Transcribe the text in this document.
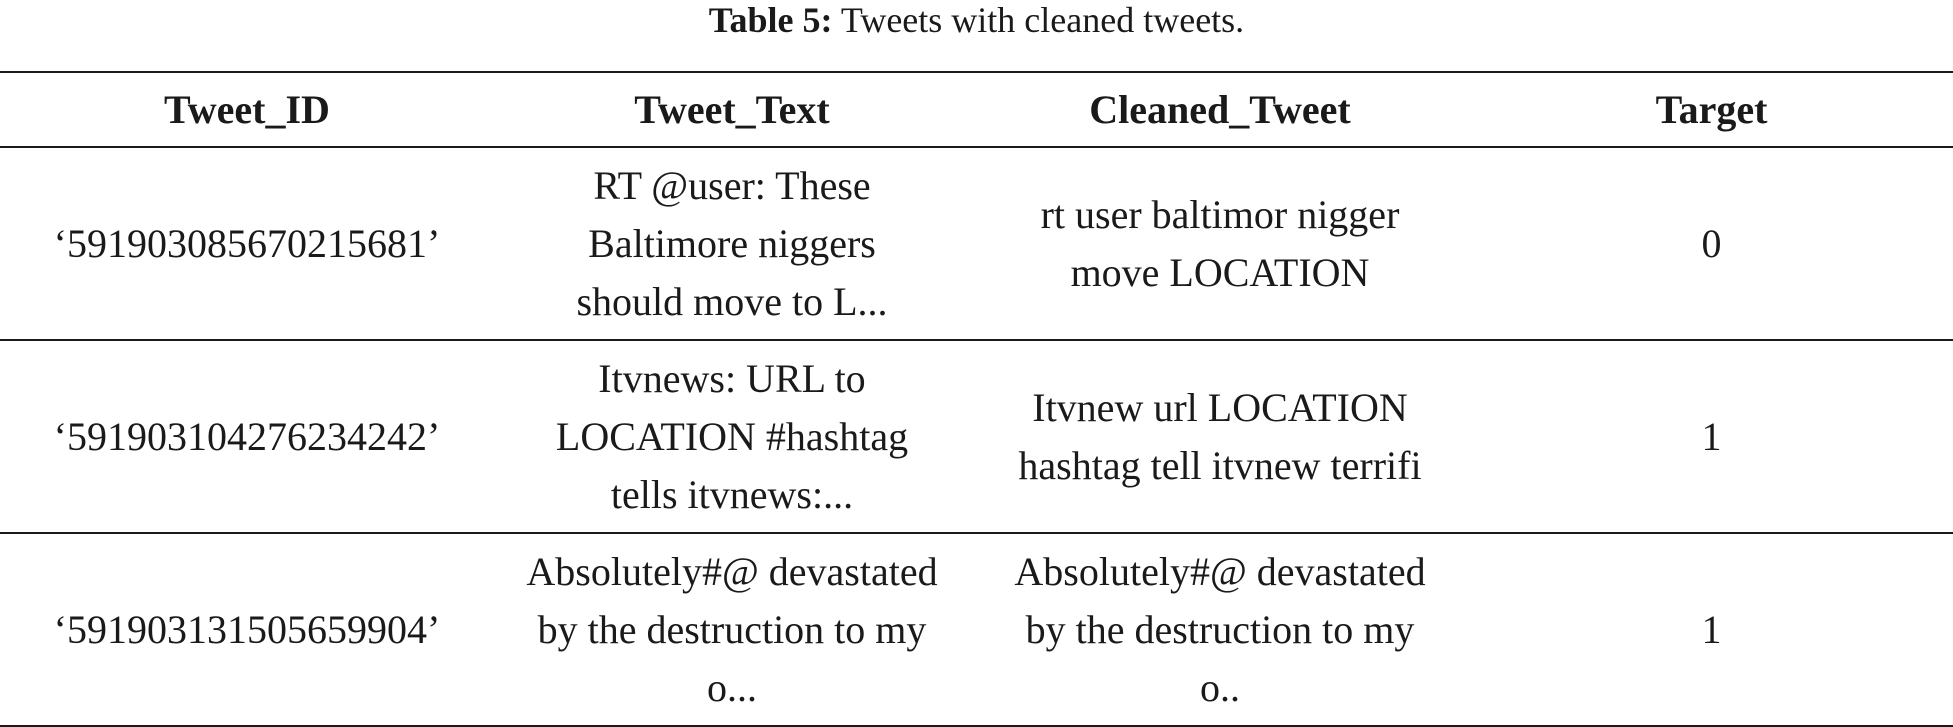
Table 5: Tweets with cleaned tweets.
Tweet_ID	Tweet_Text	Cleaned_Tweet	Target
‘591903085670215681’	RT @user: These Baltimore niggers should move to L...	rt user baltimor nigger move LOCATION	0
‘591903104276234242’	Itvnews: URL to LOCATION #hashtag tells itvnews:...	Itvnew url LOCATION hashtag tell itvnew terrifi	1
‘591903131505659904’	Absolutely#@ devastated by the destruction to my o...	Absolutely#@ devastated by the destruction to my o..	1
